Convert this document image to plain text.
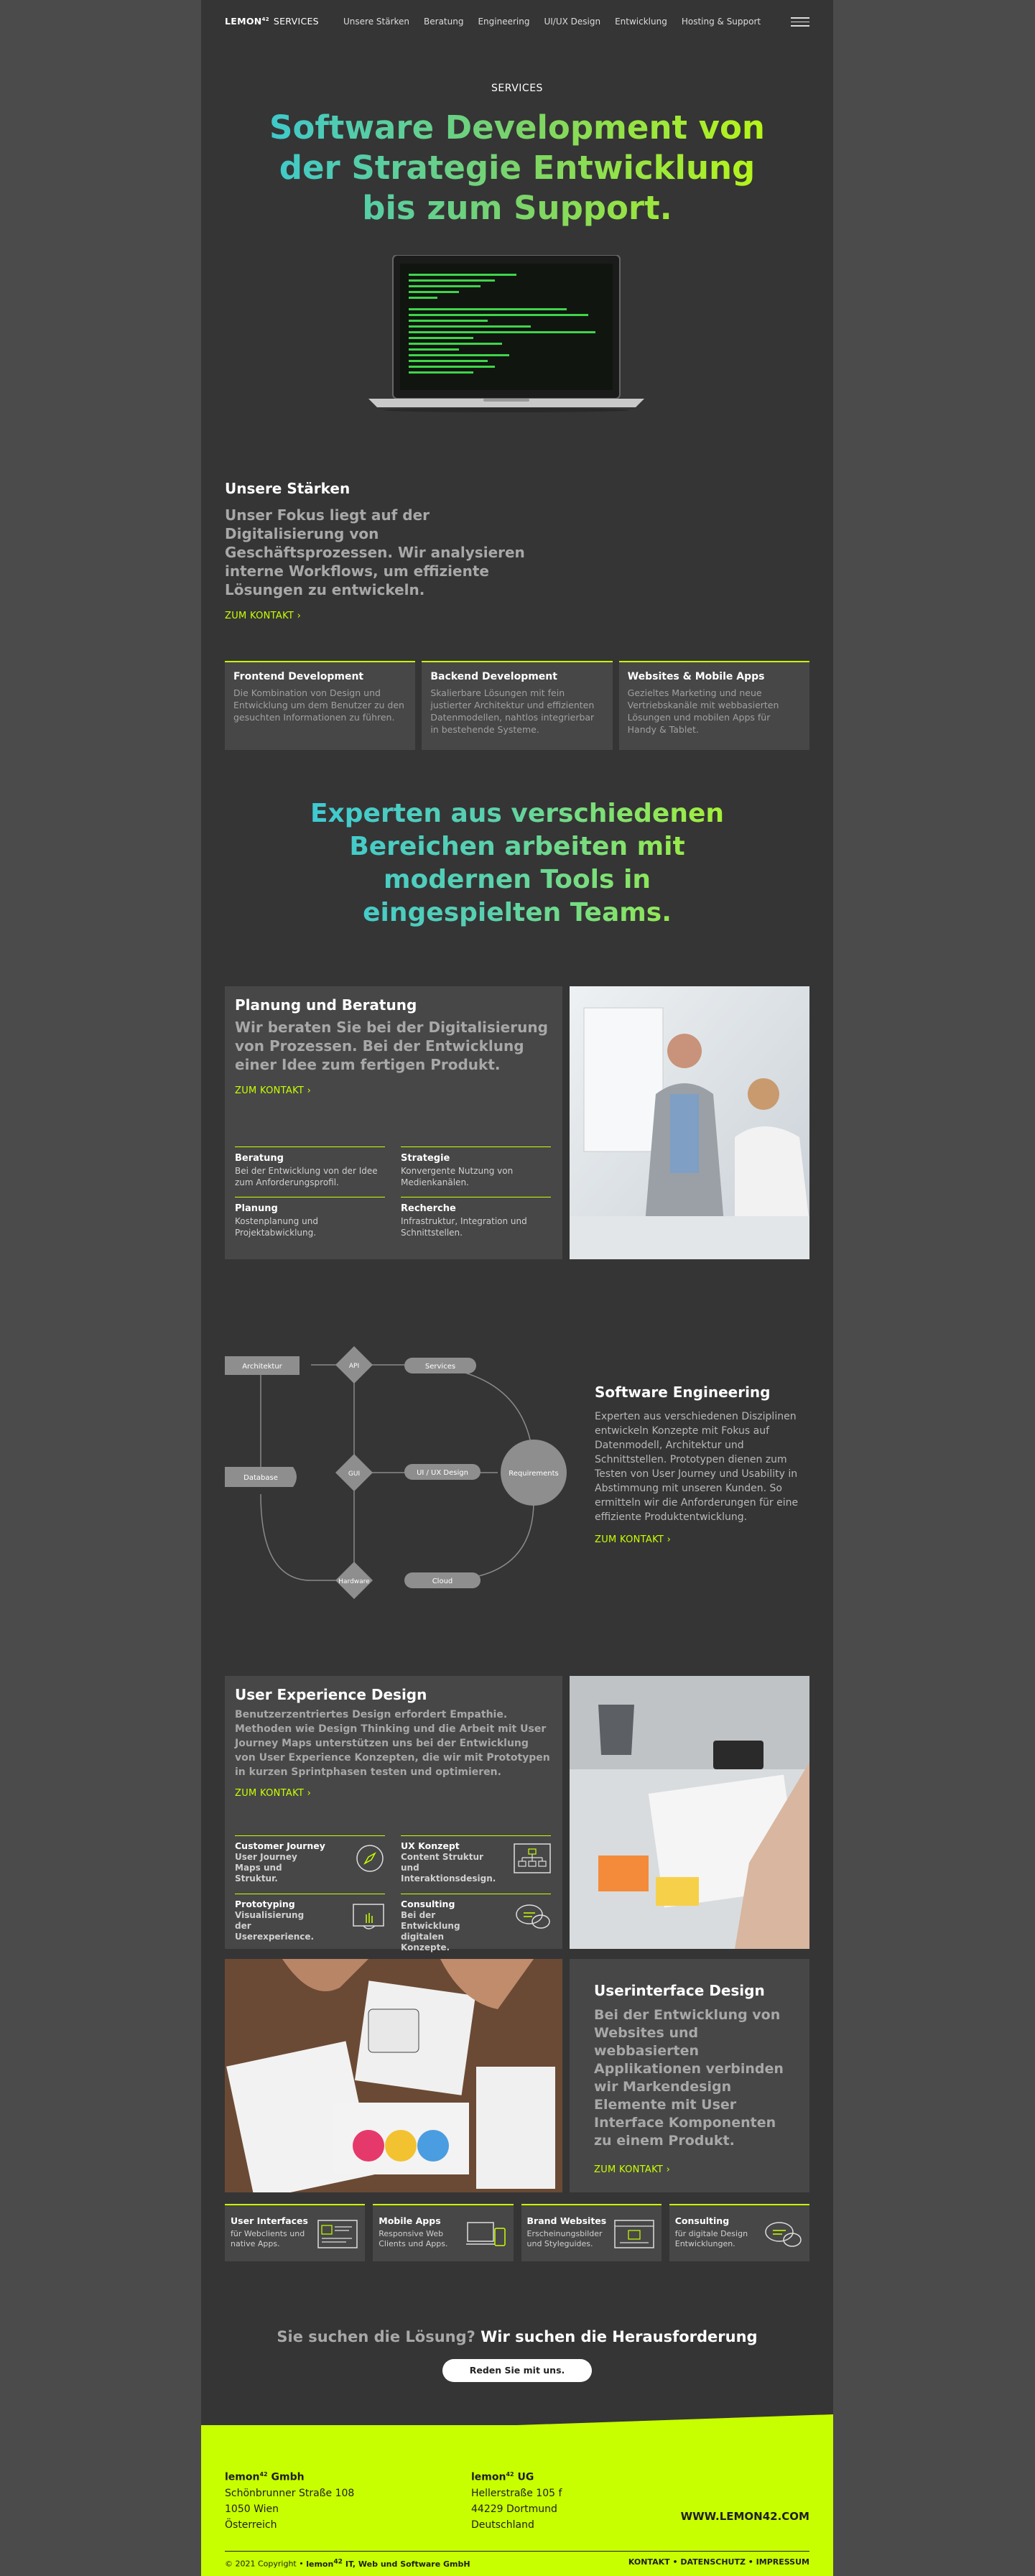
LEMON$^{42}$ SERVICES	Unsere Stärken Beratung Engineering UI/UX Design Entwicklung Hosting & Support
SERVICES
Software Development von
der Strategie Entwicklung
bis zum Support.
Unsere Stärken
Unser Fokus liegt auf der Digitalisierung von Geschäftsprozessen. Wir analysieren interne Workflows, um effiziente Lösungen zu entwickeln.
ZUM KONTAKT ›
Frontend Development
Die Kombination von Design und Entwicklung um dem Benutzer zu den gesuchten Informationen zu führen.
Backend Development
Skalierbare Lösungen mit fein justierter Architektur und effizienten Datenmodellen, nahtlos integrierbar in bestehende Systeme.
Websites & Mobile Apps
Gezieltes Marketing und neue Vertriebskanäle mit webbasierten Lösungen und mobilen Apps für Handy & Tablet.
Experten aus verschiedenen
Bereichen arbeiten mit
modernen Tools in
eingespielten Teams.
Planung und Beratung
Wir beraten Sie bei der Digitalisierung von Prozessen. Bei der Entwicklung einer Idee zum fertigen Produkt.
ZUM KONTAKT ›
Beratung
Bei der Entwicklung von der Idee zum Anforderungsprofil.
Strategie
Konvergente Nutzung von Medienkanälen.
Planung
Kostenplanung und Projektabwicklung.
Recherche
Infrastruktur, Integration und Schnittstellen.
Architektur	API	Services
Database	GUI	UI / UX Design	Requirements
Hardware	Cloud
Software Engineering
Experten aus verschiedenen Disziplinen entwickeln Konzepte mit Fokus auf Datenmodell, Architektur und Schnittstellen. Prototypen dienen zum Testen von User Journey und Usability in Abstimmung mit unseren Kunden. So ermitteln wir die Anforderungen für eine effiziente Produktentwicklung.
ZUM KONTAKT ›
User Experience Design
Benutzerzentriertes Design erfordert Empathie. Methoden wie Design Thinking und die Arbeit mit User Journey Maps unterstützen uns bei der Entwicklung von User Experience Konzepten, die wir mit Prototypen in kurzen Sprintphasen testen und optimieren.
ZUM KONTAKT ›
Customer Journey
User Journey Maps und Struktur.
UX Konzept
Content Struktur und Interaktionsdesign.
Prototyping
Visualisierung der Userexperience.
Consulting
Bei der Entwicklung digitalen Konzepte.
Userinterface Design
Bei der Entwicklung von Websites und webbasierten Applikationen verbinden wir Markendesign Elemente mit User Interface Komponenten zu einem Produkt.
ZUM KONTAKT ›
User Interfaces
für Webclients und native Apps.
Mobile Apps
Responsive Web Clients und Apps.
Brand Websites
Erscheinungsbilder und Styleguides.
Consulting
für digitale Design Entwicklungen.
Sie suchen die Lösung? Wir suchen die Herausforderung
Reden Sie mit uns.
lemon$^{42}$ Gmbh
Schönbrunner Straße 108
1050 Wien
Österreich
lemon$^{42}$ UG
Hellerstraße 105 f
44229 Dortmund
Deutschland
WWW.LEMON42.COM
© 2021 Copyright • lemon$^{42}$ IT, Web und Software GmbH	KONTAKT • DATENSCHUTZ • IMPRESSUM
